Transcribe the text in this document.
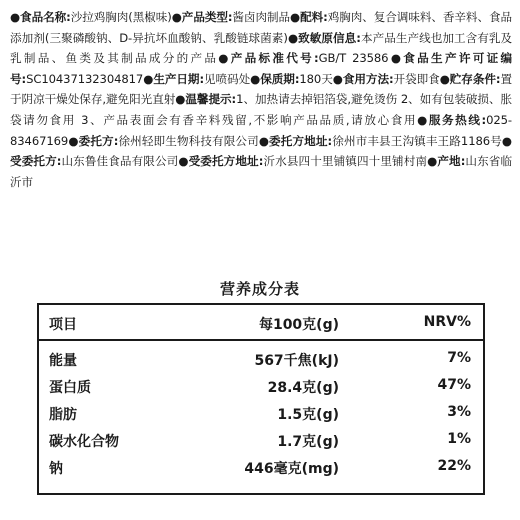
●食品名称:沙拉鸡胸肉(黑椒味)●产品类型:酱卤肉制品●配料:鸡胸肉、复合调味料、香辛料、食品添加剂(三聚磷酸钠、D-异抗坏血酸钠、乳酸链球菌素)●致敏原信息:本产品生产线也加工含有乳及乳制品、鱼类及其制品成分的产品●产品标准代号:GB/T 23586●食品生产许可证编号:SC10437132304817●生产日期:见喷码处●保质期:180天●食用方法:开袋即食●贮存条件:置于阴凉干燥处保存,避免阳光直射●温馨提示:1、加热请去掉铝箔袋,避免烫伤 2、如有包装破损、胀袋请勿食用 3、产品表面会有香辛料残留,不影响产品品质,请放心食用●服务热线:025-83467169●委托方:徐州轻即生物科技有限公司●委托方地址:徐州市丰县王沟镇丰王路1186号●受委托方:山东鲁佳食品有限公司●受委托方地址:沂水县四十里铺镇四十里铺村南●产地:山东省临沂市
营养成分表
项目	每100克(g)	NRV%
能量	567千焦(kJ)	7%
蛋白质	28.4克(g)	47%
脂肪	1.5克(g)	3%
碳水化合物	1.7克(g)	1%
钠	446毫克(mg)	22%
